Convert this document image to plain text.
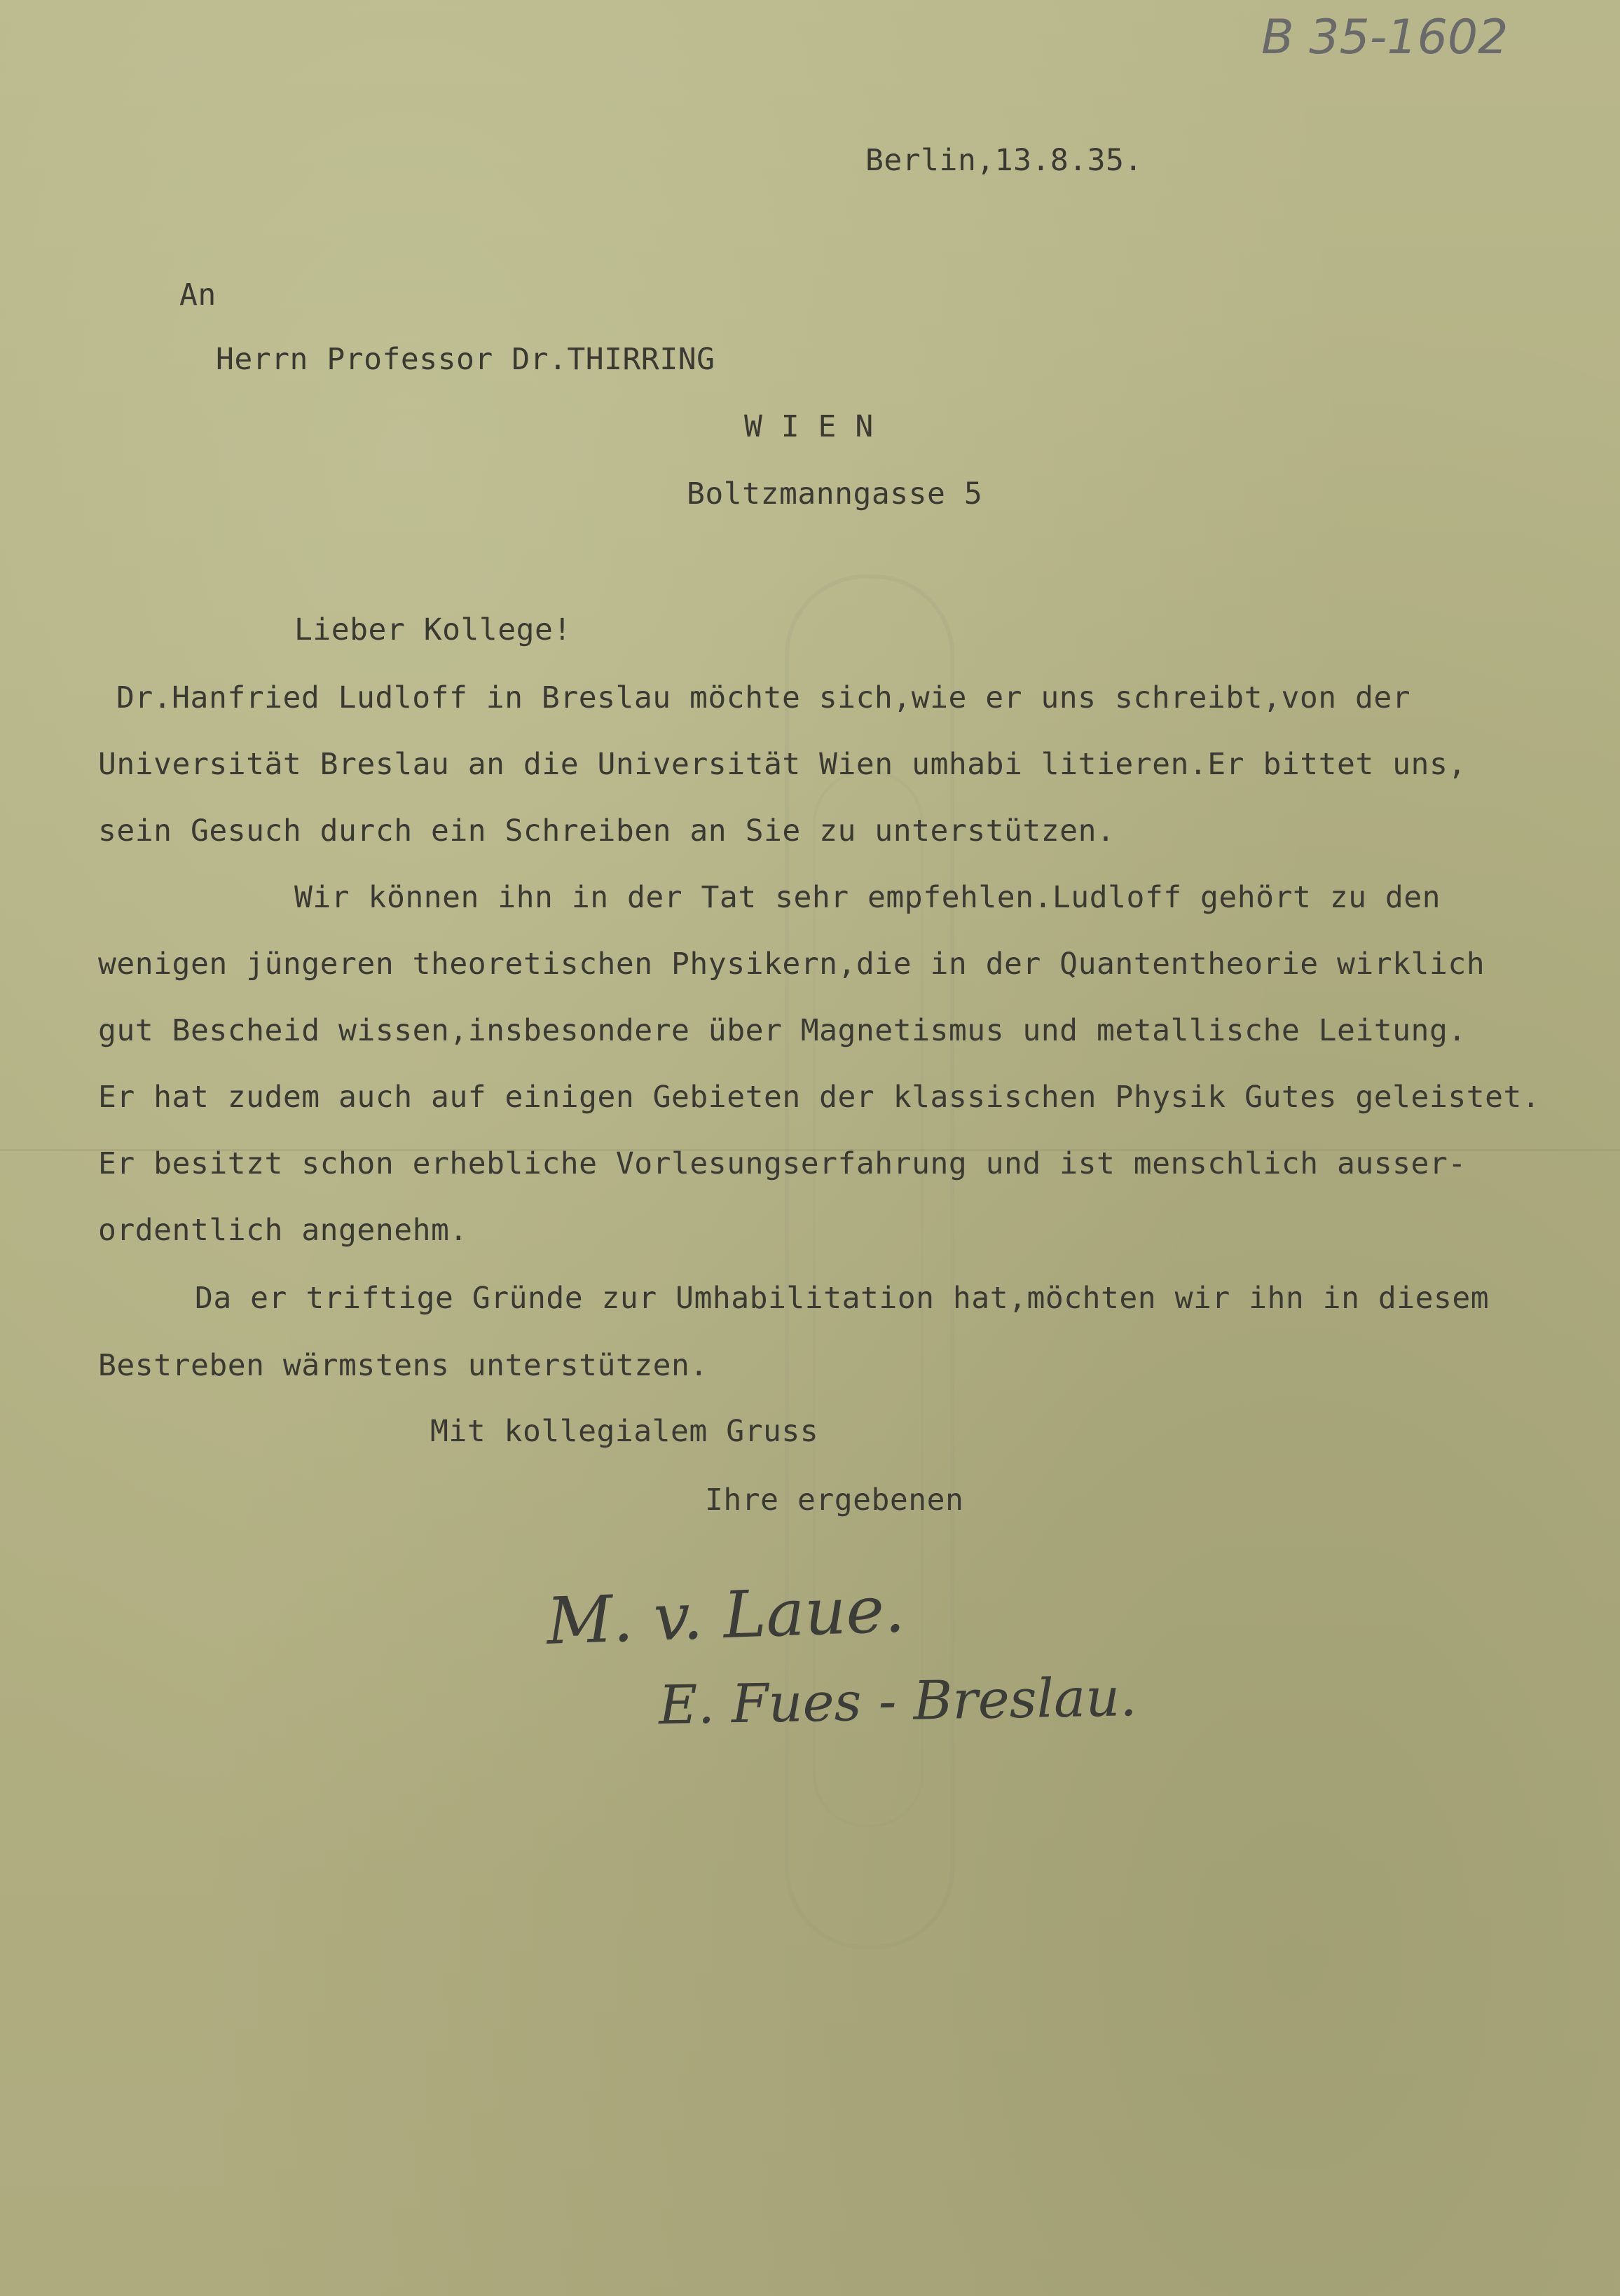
B 35-1602

Berlin,13.8.35.

An

Herrn Professor Dr.THIRRING

W I E N

Boltzmanngasse 5

Lieber Kollege!

Dr.Hanfried Ludloff in Breslau möchte sich,wie er uns schreibt,von der

Universität Breslau an die Universität Wien umhabi litieren.Er bittet uns,

sein Gesuch durch ein Schreiben an Sie zu unterstützen.

Wir können ihn in der Tat sehr empfehlen.Ludloff gehört zu den

wenigen jüngeren theoretischen Physikern,die in der Quantentheorie wirklich

gut Bescheid wissen,insbesondere über Magnetismus und metallische Leitung.

Er hat zudem auch auf einigen Gebieten der klassischen Physik Gutes geleistet.

Er besitzt schon erhebliche Vorlesungserfahrung und ist menschlich ausser-

ordentlich angenehm.

Da er triftige Gründe zur Umhabilitation hat,möchten wir ihn in diesem

Bestreben wärmstens unterstützen.

Mit kollegialem Gruss

Ihre ergebenen

M. v. Laue.
E. Fues - Breslau.
